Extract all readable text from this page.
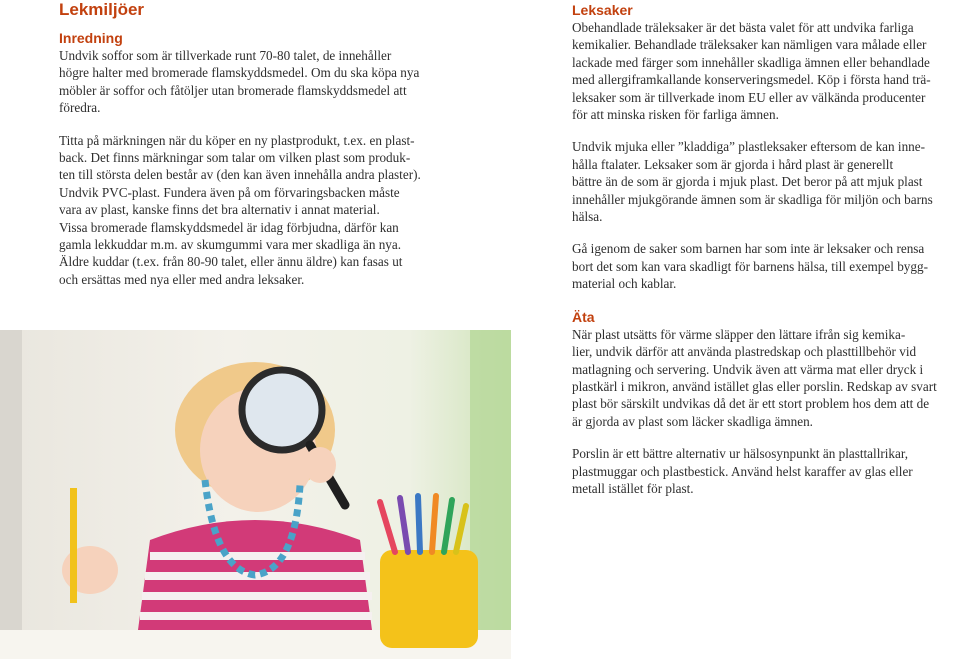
Lekmiljöer
Inredning

Undvik soffor som är tillverkade runt 70-80 talet, de innehåller
högre halter med bromerade flamskyddsmedel. Om du ska köpa nya
möbler är soffor och fåtöljer utan bromerade flamskyddsmedel att
föredra.

Titta på märkningen när du köper en ny plastprodukt, t.ex. en plast-
back. Det finns märkningar som talar om vilken plast som produk-
ten till största delen består av (den kan även innehålla andra plaster).
Undvik PVC-plast. Fundera även på om förvaringsbacken måste
vara av plast, kanske finns det bra alternativ i annat material.
Vissa bromerade flamskyddsmedel är idag förbjudna, därför kan
gamla lekkuddar m.m. av skumgummi vara mer skadliga än nya.
Äldre kuddar (t.ex. från 80-90 talet, eller ännu äldre) kan fasas ut
och ersättas med nya eller med andra leksaker.

Leksaker

Obehandlade träleksaker är det bästa valet för att undvika farliga
kemikalier. Behandlade träleksaker kan nämligen vara målade eller
lackade med färger som innehåller skadliga ämnen eller behandlade
med allergiframkallande konserveringsmedel. Köp i första hand trä-
leksaker som är tillverkade inom EU eller av välkända producenter
för att minska risken för farliga ämnen.

Undvik mjuka eller ”kladdiga” plastleksaker eftersom de kan inne-
hålla ftalater. Leksaker som är gjorda i hård plast är generellt
bättre än de som är gjorda i mjuk plast. Det beror på att mjuk plast
innehåller mjukgörande ämnen som är skadliga för miljön och barns
hälsa.

Gå igenom de saker som barnen har som inte är leksaker och rensa
bort det som kan vara skadligt för barnens hälsa, till exempel bygg-
material och kablar.

Äta

När plast utsätts för värme släpper den lättare ifrån sig kemika-
lier, undvik därför att använda plastredskap och plasttillbehör vid
matlagning och servering. Undvik även att värma mat eller dryck i
plastkärl i mikron, använd istället glas eller porslin. Redskap av svart
plast bör särskilt undvikas då det är ett stort problem hos dem att de
är gjorda av plast som läcker skadliga ämnen.

Porslin är ett bättre alternativ ur hälsosynpunkt än plasttallrikar,
plastmuggar och plastbestick. Använd helst karaffer av glas eller
metall istället för plast.
